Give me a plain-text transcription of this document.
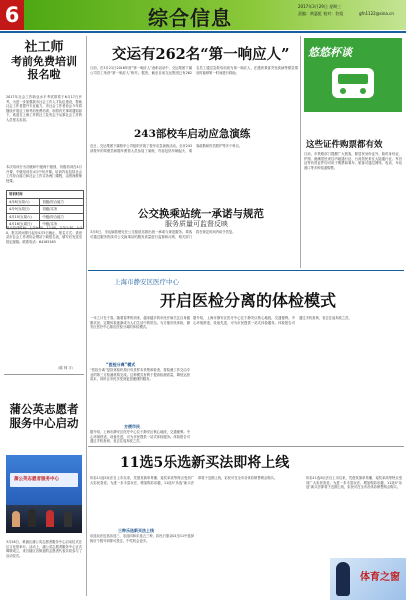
6	综合信息	2017年3月29日 星期三
责编：黄瑟虹 校对：伯姐	gfn1122@sina.cn
社工师
考前免费培训
报名啦
2017年社会工作职业水平考试即将于6月17日开考。为进一步加强我市社会工作人才队伍建设，帮助社会工作者提升专业能力，市社会工作者协会今年将继续开展社工师考前免费培训，现将有关事项通知如下。欢迎在上海工作的社工及有志于从事社会工作的人员报名参加。
本次培训分为初级和中级两个级别，初级培训在4月开课，中级培训在4月中旬开课。培训内容包括社会工作综合能力和社会工作实务两门课程，由资深教师授课。
培训时间
4月8日(周六)	初级/综合能力
4月9日(周日)	初级/实务
4月15日(周六)	中级/综合能力
4月16日(周日)	中级/实务
每天培训时间：上午9:00—12:00，下午1:30—4:30。报名时间即日起至4月5日截止，报名方式：请登录市社会工作者协会网站下载报名表，填写后发送至指定邮箱。联系电话：64165163
（陈 帅 宇）
蒲公英志愿者
服务中心启动
蒲公英志愿者服务中心
3月26日，黄浦区蒲公英志愿者服务中心启动仪式在区文化馆举行。活动上，蒲公英志愿者服务中心正式揭牌成立，来自辖区各街道的志愿者代表共同参与了启动仪式。
交运有262名“第一响应人”
日前，在3月21日2016年度“第一响应人”表彰活动中，交运集团下属公司员工荣获“第一响应人”称号。据悉，截至目前交运集团已有262名员工通过急救培训成为第一响应人，在遇到乘客突发疾病等紧急情况时能够第一时间进行救助。
243部校车启动应急演练
近日，交运集团下属校车公司组织开展了校车应急演练活动。全市243部校车的驾驶员和随车照管人员参加了演练，内容包括车辆起火、乘客疏散和伤员救护等多个科目。
公交换乘站统一承诺与规范
服务质量可监督反映
3月8日，市运输管理处在公交枢纽站推出统一承诺与规范服务。乘客可通过服务热线对公交换乘站的服务质量进行监督和反映，相关部门将在规定时间内给予答复。
悠悠杯谈
这些证件购票都有效
日前，市铁路部门提醒广大旅客，除居民身份证外，临时身份证、护照、港澳居民来往内地通行证、台湾居民来往大陆通行证、军官证等有效证件均可用于购票和乘车。旅客可通过网络、电话、车站窗口等多种渠道购票。
上海市静安区医疗中心
开启医检分离的体检模式
一年之计在于春。随着春季的到来，越来越多的市民开始关注自身健康状况，定期体检逐渐成为人们生活中的常态。为方便市民体检，静安区医疗中心推出医检分离的体检模式。
“医检分离”模式
“医检分离”是指体检机构只负责样本采集和检查，将检测工作交由专业的第三方检测机构完成。这种模式有利于提高检测质量，降低运营成本，同时让市民享受到更加便捷的服务。
方便市民
据介绍，上海市静安区医疗中心位于静安区核心地段，交通便利。中心环境舒适，设备先进，可为市民提供一站式体检服务。体检报告可通过手机查询，省去往返奔波之苦。
据介绍，上海市静安区医疗中心位于静安区核心地段，交通便利。中心环境舒适，设备先进，可为市民提供一站式体检服务。体检报告可通过手机查询，省去往返奔波之苦。
11选5乐选新买法即将上线
体彩11选5玩法自上市以来，凭借其简单易懂、返奖率高等特点受到广大彩民喜爱。为进一步丰富玩法，增加购彩乐趣，11选5“乐选”新买法即将于近期上线，彩民可在全市各体彩销售网点购买。
三种乐选新买法上线
乐选玩法包括乐选三、乐选四和乐选五三种，彩民只需从01至11中选择相应个数号码即可投注，中奖机会更多。
体彩11选5玩法自上市以来，凭借其简单易懂、返奖率高等特点受到广大彩民喜爱。为进一步丰富玩法，增加购彩乐趣，11选5“乐选”新买法即将于近期上线，彩民可在全市各体彩销售网点购买。
体育之窗
